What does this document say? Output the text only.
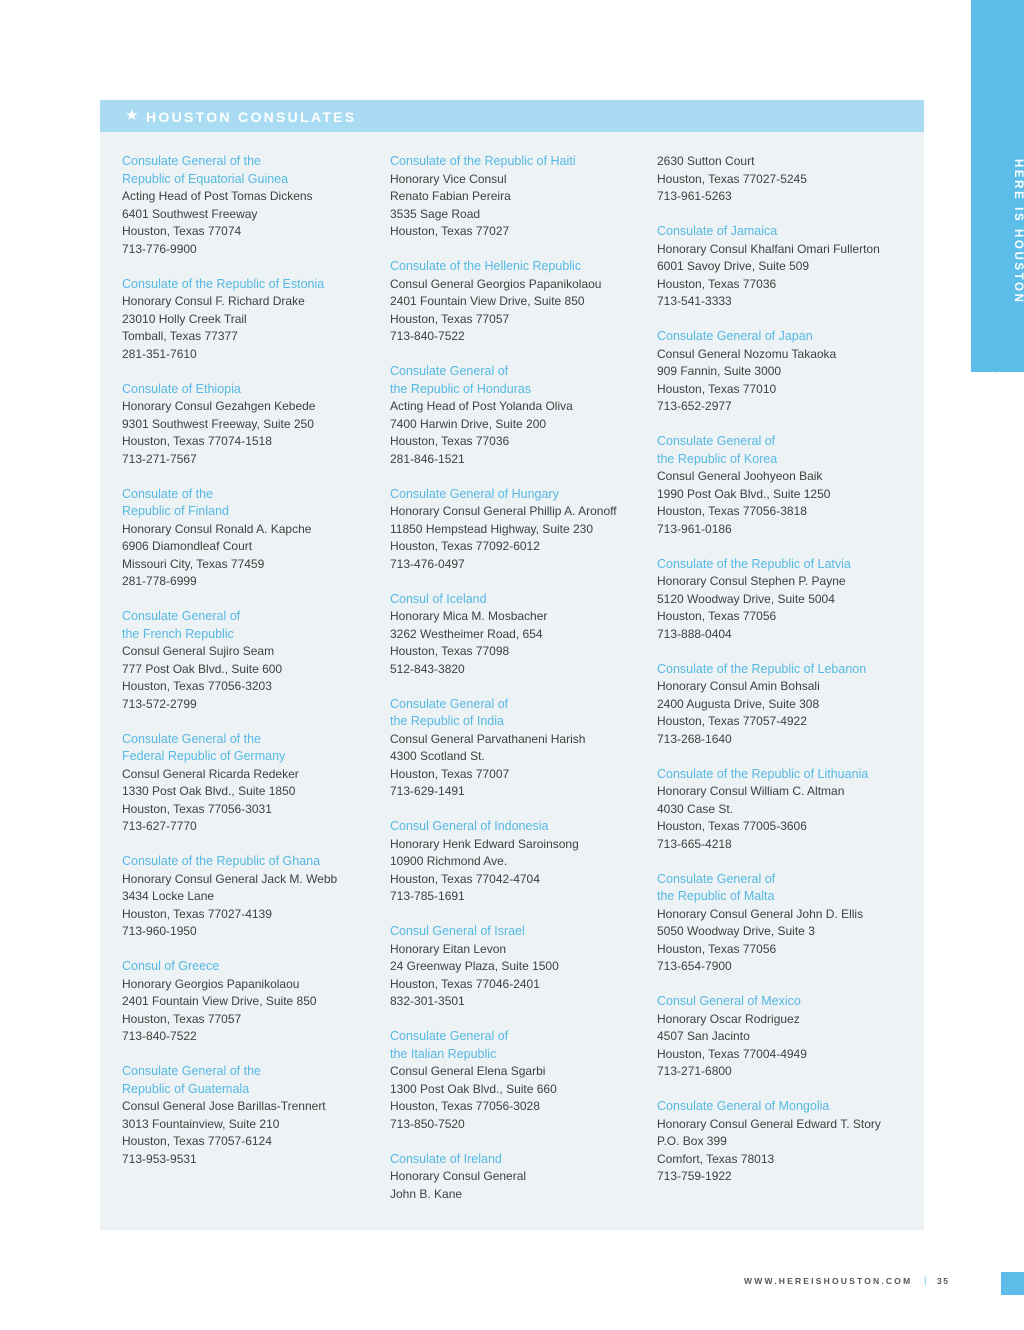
HERE IS HOUSTON
★ HOUSTON CONSULATES
Consulate General of the
Republic of Equatorial Guinea
Acting Head of Post Tomas Dickens
6401 Southwest Freeway
Houston, Texas 77074
713-776-9900
Consulate of the Republic of Estonia
Honorary Consul F. Richard Drake
23010 Holly Creek Trail
Tomball, Texas 77377
281-351-7610
Consulate of Ethiopia
Honorary Consul Gezahgen Kebede
9301 Southwest Freeway, Suite 250
Houston, Texas 77074-1518
713-271-7567
Consulate of the
Republic of Finland
Honorary Consul Ronald A. Kapche
6906 Diamondleaf Court
Missouri City, Texas 77459
281-778-6999
Consulate General of
the French Republic
Consul General Sujiro Seam
777 Post Oak Blvd., Suite 600
Houston, Texas 77056-3203
713-572-2799
Consulate General of the
Federal Republic of Germany
Consul General Ricarda Redeker
1330 Post Oak Blvd., Suite 1850
Houston, Texas 77056-3031
713-627-7770
Consulate of the Republic of Ghana
Honorary Consul General Jack M. Webb
3434 Locke Lane
Houston, Texas 77027-4139
713-960-1950
Consul of Greece
Honorary Georgios Papanikolaou
2401 Fountain View Drive, Suite 850
Houston, Texas 77057
713-840-7522
Consulate General of the
Republic of Guatemala
Consul General Jose Barillas-Trennert
3013 Fountainview, Suite 210
Houston, Texas 77057-6124
713-953-9531
Consulate of the Republic of Haiti
Honorary Vice Consul
Renato Fabian Pereira
3535 Sage Road
Houston, Texas 77027
Consulate of the Hellenic Republic
Consul General Georgios Papanikolaou
2401 Fountain View Drive, Suite 850
Houston, Texas 77057
713-840-7522
Consulate General of
the Republic of Honduras
Acting Head of Post Yolanda Oliva
7400 Harwin Drive, Suite 200
Houston, Texas 77036
281-846-1521
Consulate General of Hungary
Honorary Consul General Phillip A. Aronoff
11850 Hempstead Highway, Suite 230
Houston, Texas 77092-6012
713-476-0497
Consul of Iceland
Honorary Mica M. Mosbacher
3262 Westheimer Road, 654
Houston, Texas 77098
512-843-3820
Consulate General of
the Republic of India
Consul General Parvathaneni Harish
4300 Scotland St.
Houston, Texas 77007
713-629-1491
Consul General of Indonesia
Honorary Henk Edward Saroinsong
10900 Richmond Ave.
Houston, Texas 77042-4704
713-785-1691
Consul General of Israel
Honorary Eitan Levon
24 Greenway Plaza, Suite 1500
Houston, Texas 77046-2401
832-301-3501
Consulate General of
the Italian Republic
Consul General Elena Sgarbi
1300 Post Oak Blvd., Suite 660
Houston, Texas 77056-3028
713-850-7520
Consulate of Ireland
Honorary Consul General
John B. Kane
2630 Sutton Court
Houston, Texas 77027-5245
713-961-5263
Consulate of Jamaica
Honorary Consul Khalfani Omari Fullerton
6001 Savoy Drive, Suite 509
Houston, Texas 77036
713-541-3333
Consulate General of Japan
Consul General Nozomu Takaoka
909 Fannin, Suite 3000
Houston, Texas 77010
713-652-2977
Consulate General of
the Republic of Korea
Consul General Joohyeon Baik
1990 Post Oak Blvd., Suite 1250
Houston, Texas 77056-3818
713-961-0186
Consulate of the Republic of Latvia
Honorary Consul Stephen P. Payne
5120 Woodway Drive, Suite 5004
Houston, Texas 77056
713-888-0404
Consulate of the Republic of Lebanon
Honorary Consul Amin Bohsali
2400 Augusta Drive, Suite 308
Houston, Texas 77057-4922
713-268-1640
Consulate of the Republic of Lithuania
Honorary Consul William C. Altman
4030 Case St.
Houston, Texas 77005-3606
713-665-4218
Consulate General of
the Republic of Malta
Honorary Consul General John D. Ellis
5050 Woodway Drive, Suite 3
Houston, Texas 77056
713-654-7900
Consul General of Mexico
Honorary Oscar Rodriguez
4507 San Jacinto
Houston, Texas 77004-4949
713-271-6800
Consulate General of Mongolia
Honorary Consul General Edward T. Story
P.O. Box 399
Comfort, Texas 78013
713-759-1922
WWW.HEREISHOUSTON.COM | 35
